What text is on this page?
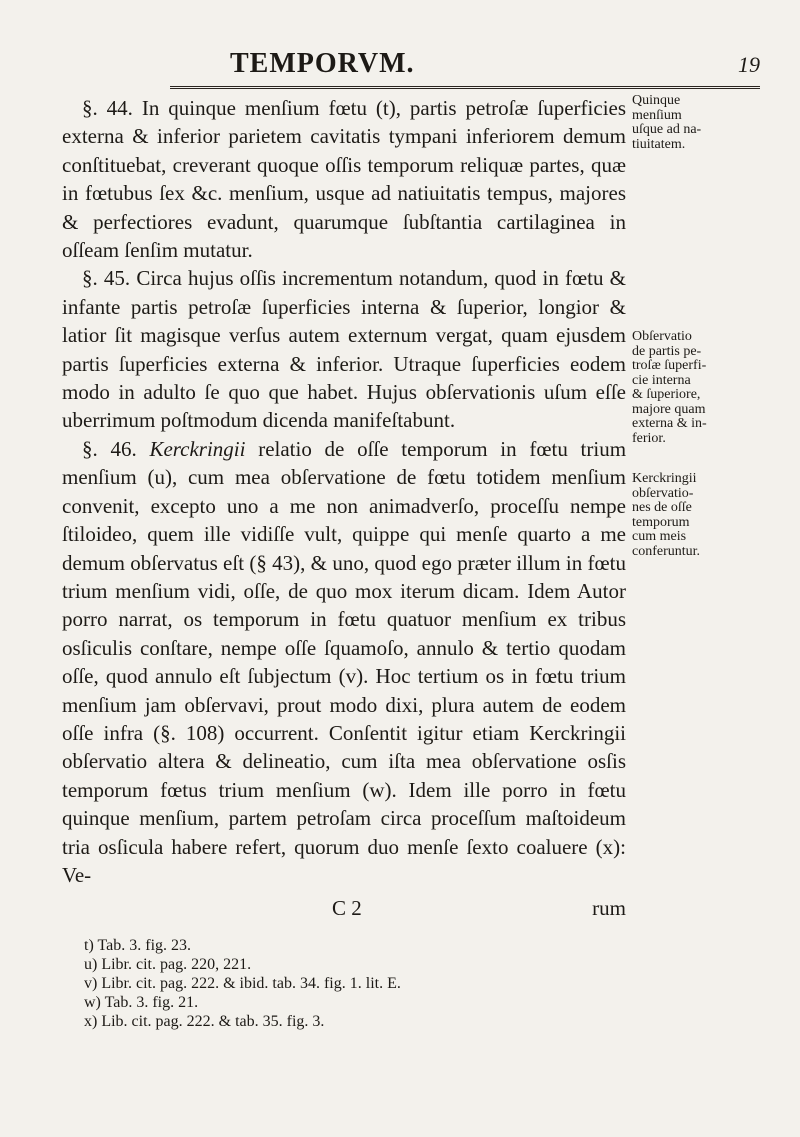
TEMPORVM.	19

§. 44. In quinque menſium fœtu (t), partis petroſæ ſuperficies externa & inferior parietem cavitatis tympani inferiorem demum conſtituebat, creverant quoque oſſis temporum reliquæ partes, quæ in fœtubus ſex &c. menſium, usque ad natiuitatis tempus, majores & perfectiores evadunt, quarumque ſubſtantia cartilaginea in oſſeam ſenſim mutatur.

§. 45. Circa hujus oſſis incrementum notandum, quod in fœtu & infante partis petroſæ ſuperficies interna & ſuperior, longior & latior ſit magisque verſus autem externum vergat, quam ejusdem partis ſuperficies externa & inferior. Utraque ſuperficies eodem modo in adulto ſe quo que habet. Hujus obſervationis uſum eſſe uberrimum poſtmodum dicenda manifeſtabunt.

§. 46. Kerckringii relatio de oſſe temporum in fœtu trium menſium (u), cum mea obſervatione de fœtu totidem menſium convenit, excepto uno a me non animadverſo, proceſſu nempe ſtiloideo, quem ille vidiſſe vult, quippe qui menſe quarto a me demum obſervatus eſt (§ 43), & uno, quod ego præter illum in fœtu trium menſium vidi, oſſe, de quo mox iterum dicam. Idem Autor porro narrat, os temporum in fœtu quatuor menſium ex tribus osſiculis conſtare, nempe oſſe ſquamoſo, annulo & tertio quodam oſſe, quod annulo eſt ſubjectum (v). Hoc tertium os in fœtu trium menſium jam obſervavi, prout modo dixi, plura autem de eodem oſſe infra (§. 108) occurrent. Conſentit igitur etiam Kerckringii obſervatio altera & delineatio, cum iſta mea obſervatione osſis temporum fœtus trium menſium (w). Idem ille porro in fœtu quinque menſium, partem petroſam circa proceſſum maſtoideum tria osſicula habere refert, quorum duo menſe ſexto coaluere (x): Ve-

Quinque
menſium
uſque ad na-
tiuitatem.
Obſervatio
de partis pe-
troſæ ſuperfi-
cie interna
& ſuperiore,
majore quam
externa & in-
ferior.
Kerckringii
obſervatio-
nes de oſſe
temporum
cum meis
conferuntur.
C 2	rum
t) Tab. 3. fig. 23.
u) Libr. cit. pag. 220, 221.
v) Libr. cit. pag. 222. & ibid. tab. 34. fig. 1. lit. E.
w) Tab. 3. fig. 21.
x) Lib. cit. pag. 222. & tab. 35. fig. 3.
